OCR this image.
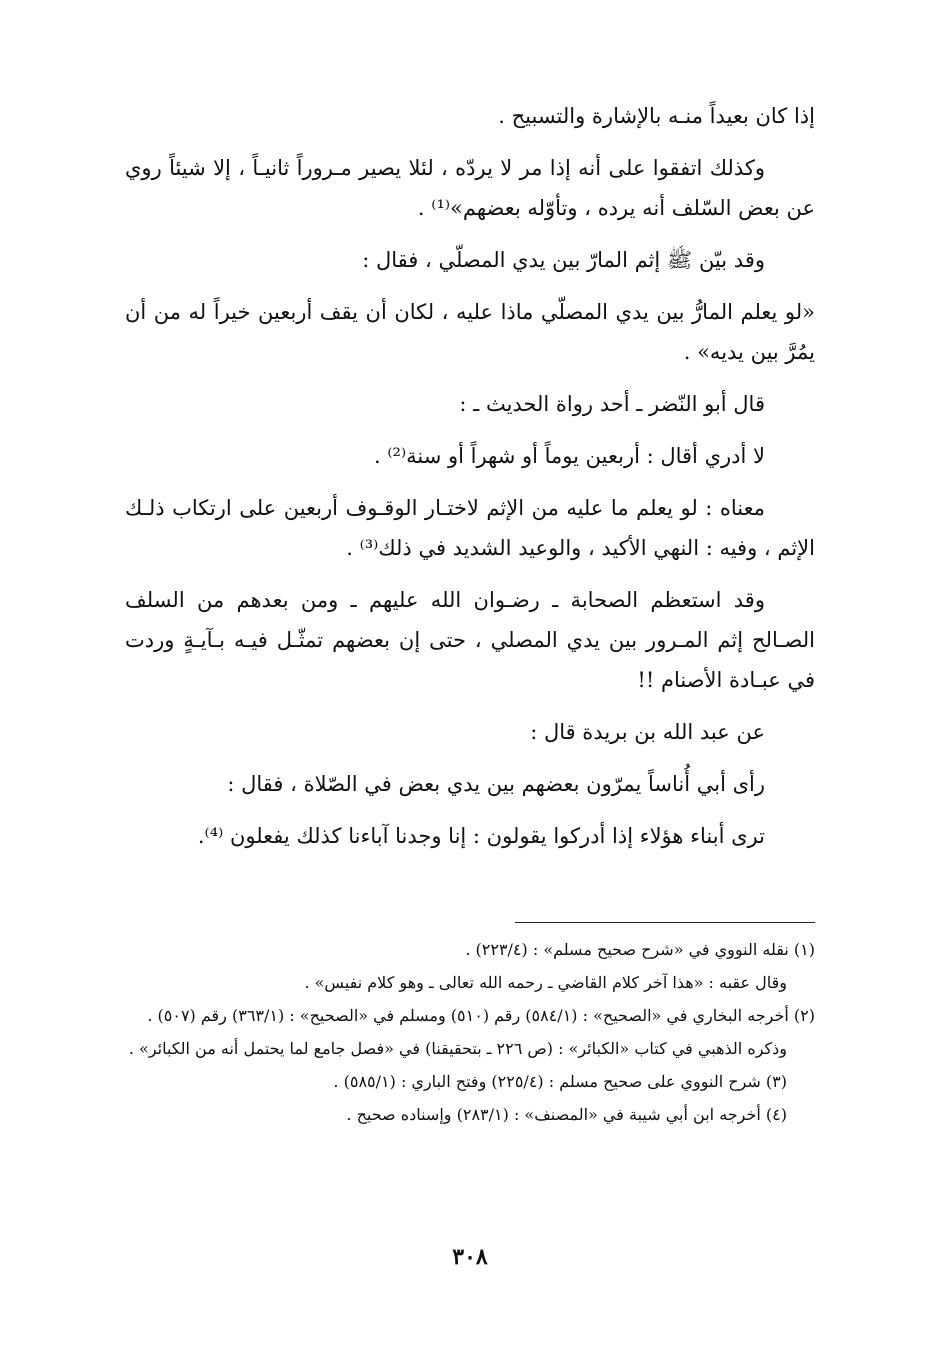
إذا كان بعيداً منـه بالإشارة والتسبيح .

وكذلك اتفقوا على أنه إذا مر لا يردّه ، لئلا يصير مـروراً ثانيـاً ، إلا شيئاً روي عن بعض السّلف أنه يرده ، وتأوّله بعضهم»⁽¹⁾ .

وقد بيّن ﷺ إثم المارّ بين يدي المصلّي ، فقال :

«لو يعلم المارُّ بين يدي المصلّي ماذا عليه ، لكان أن يقف أربعين خيراً له من أن يمُرَّ بين يديه» .

قال أبو النّضر ـ أحد رواة الحديث ـ :

لا أدري أقال : أربعين يوماً أو شهراً أو سنة⁽²⁾ .

معناه : لو يعلم ما عليه من الإثم لاختـار الوقـوف أربعين على ارتكاب ذلـك الإثم ، وفيه : النهي الأكيد ، والوعيد الشديد في ذلك⁽³⁾ .

وقد استعظم الصحابة ـ رضـوان الله عليهم ـ ومن بعدهم من السلف الصـالح إثم المـرور بين يدي المصلي ، حتى إن بعضهم تمثّـل فيـه بـآيـةٍ وردت في عبـادة الأصنام !!

عن عبد الله بن بريدة قال :

رأى أبي أُناساً يمرّون بعضهم بين يدي بعض في الصّلاة ، فقال :

ترى أبناء هؤلاء إذا أدركوا يقولون : إنا وجدنا آباءنا كذلك يفعلون ⁽⁴⁾.

(١) نقله النووي في «شرح صحيح مسلم» : (٢٢٣/٤) .

وقال عقبه : «هذا آخر كلام القاضي ـ رحمه الله تعالى ـ وهو كلام نفيس» .

(٢) أخرجه البخاري في «الصحيح» : (٥٨٤/١) رقم (٥١٠) ومسلم في «الصحيح» : (٣٦٣/١) رقم (٥٠٧) .

وذكره الذهبي في كتاب «الكبائر» : (ص ٢٢٦ ـ بتحقيقنا) في «فصل جامع لما يحتمل أنه من الكبائر» .

(٣) شرح النووي على صحيح مسلم : (٢٢٥/٤) وفتح الباري : (٥٨٥/١) .

(٤) أخرجه ابن أبي شيبة في «المصنف» : (٢٨٣/١) وإسناده صحيح .

٣٠٨
